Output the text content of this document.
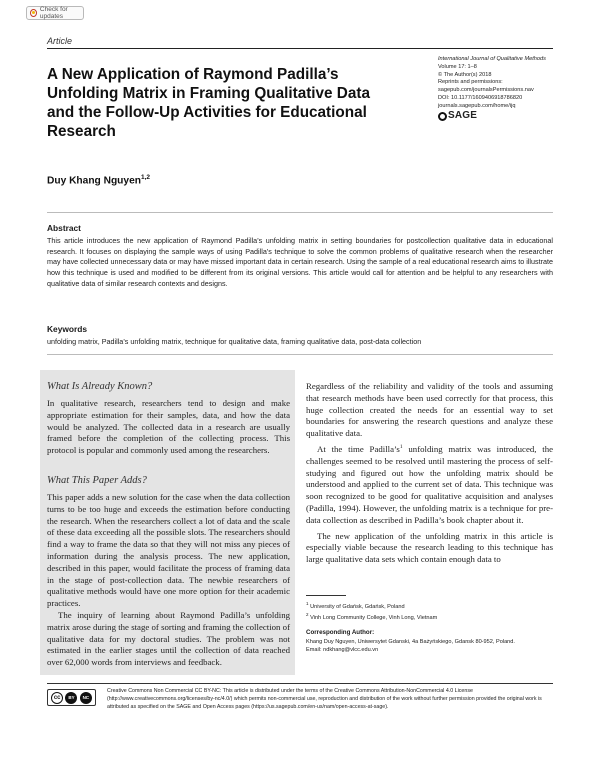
Check for updates
Article
A New Application of Raymond Padilla’s Unfolding Matrix in Framing Qualitative Data and the Follow-Up Activities for Educational Research
International Journal of Qualitative Methods
Volume 17: 1–8
© The Author(s) 2018
Reprints and permissions:
sagepub.com/journalsPermissions.nav
DOI: 10.1177/1609406918786820
journals.sagepub.com/home/ijq
SAGE
Duy Khang Nguyen$^{1,2}$
Abstract
This article introduces the new application of Raymond Padilla’s unfolding matrix in setting boundaries for postcollection qualitative data in educational research. It focuses on displaying the sample ways of using Padilla’s technique to solve the common problems of qualitative research when the researcher may have collected unnecessary data or may have missed important data in certain research. Using the sample of a real educational research aims to illustrate how this technique is used and modified to be different from its original versions. This article would call for attention and be helpful to any researchers with qualitative data of similar research contexts and designs.
Keywords
unfolding matrix, Padilla’s unfolding matrix, technique for qualitative data, framing qualitative data, post-data collection
What Is Already Known?
In qualitative research, researchers tend to design and make appropriate estimation for their samples, data, and how the data would be analyzed. The collected data in a research are usually framed before the completion of the collecting process. This protocol is popular and commonly used among the researchers.
What This Paper Adds?

This paper adds a new solution for the case when the data collection turns to be too huge and exceeds the estimation before conducting the research. When the researchers collect a lot of data and the scale of these data exceeding all the possible slots. The researchers should find a way to frame the data so that they will not miss any pieces of information during the analysis process. The new application, described in this paper, would facilitate the process of framing data in the stage of post-collection data. The newbie researchers of qualitative methods would have one more option for their academic practices.

The inquiry of learning about Raymond Padilla’s unfolding matrix arose during the stage of sorting and framing the collection of qualitative data for my doctoral studies. The problem was not estimated in the earlier stages until the collection of data reached over 62,000 words from interviews and feedback.

Regardless of the reliability and validity of the tools and assuming that research methods have been used correctly for that process, this huge collection created the needs for an essential way to set boundaries for answering the research questions and analyze these qualitative data.

At the time $Padilla’s^1$ unfolding matrix was introduced, the challenges seemed to be resolved until mastering the process of self-studying and figured out how the unfolding matrix should be understood and applied to the current set of data. This technique was soon recognized to be good for qualitative acquisition and analyses (Padilla, 1994). However, the unfolding matrix is a technique for pre-data collection as described in Padilla’s book chapter about it.

The new application of the unfolding matrix in this article is especially viable because the research leading to this technique has large qualitative data sets which contain enough data to

$^1$ University of Gdańsk, Gdańsk, Poland
$^2$ Vinh Long Community College, Vinh Long, Vietnam
Corresponding Author:
Khang Duy Nguyen, Uniwersytet Gdanski, 4a Bażyńskiego, Gdansk 80-952, Poland.
Email: ndkhang@vlcc.edu.vn
cc	BY	NC
Creative Commons Non Commercial CC BY-NC: This article is distributed under the terms of the Creative Commons Attribution-NonCommercial 4.0 License (http://www.creativecommons.org/licenses/by-nc/4.0/) which permits non-commercial use, reproduction and distribution of the work without further permission provided the original work is attributed as specified on the SAGE and Open Access pages (https://us.sagepub.com/en-us/nam/open-access-at-sage).
